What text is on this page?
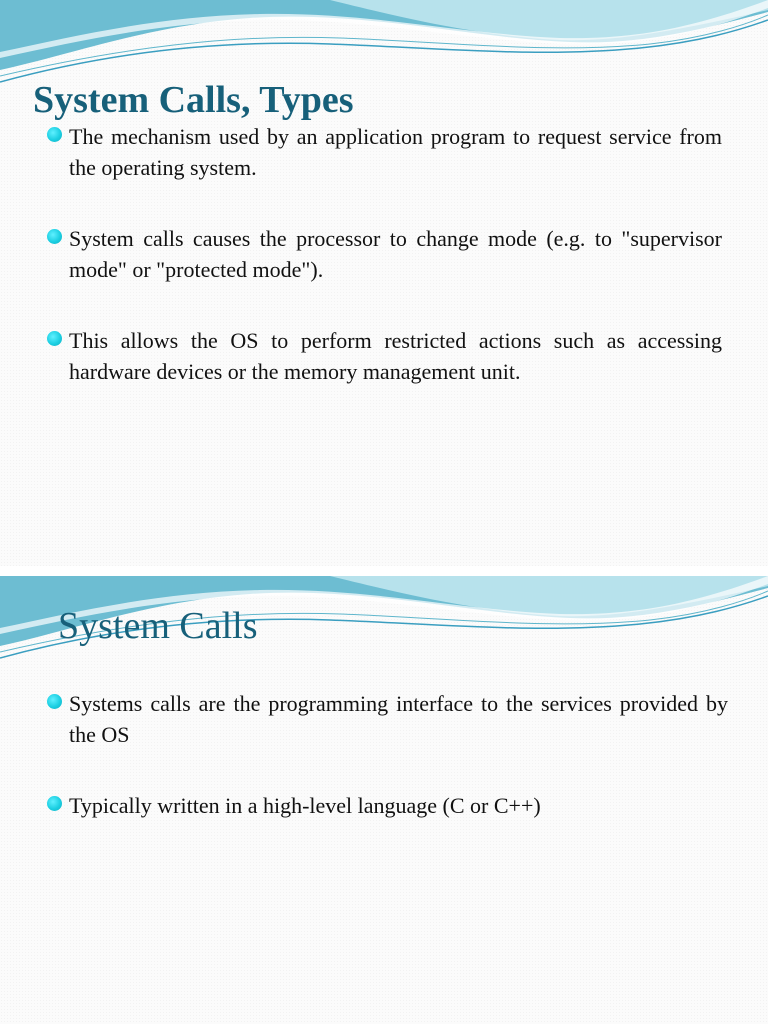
System Calls, Types
The mechanism used by an application program to request service from the operating system.
System calls causes the processor to change mode (e.g. to "supervisor mode" or "protected mode").
This allows the OS to perform restricted actions such as accessing hardware devices or the memory management unit.
System Calls
Systems calls are the programming interface to the services provided by the OS
Typically written in a high-level language (C or C++)
